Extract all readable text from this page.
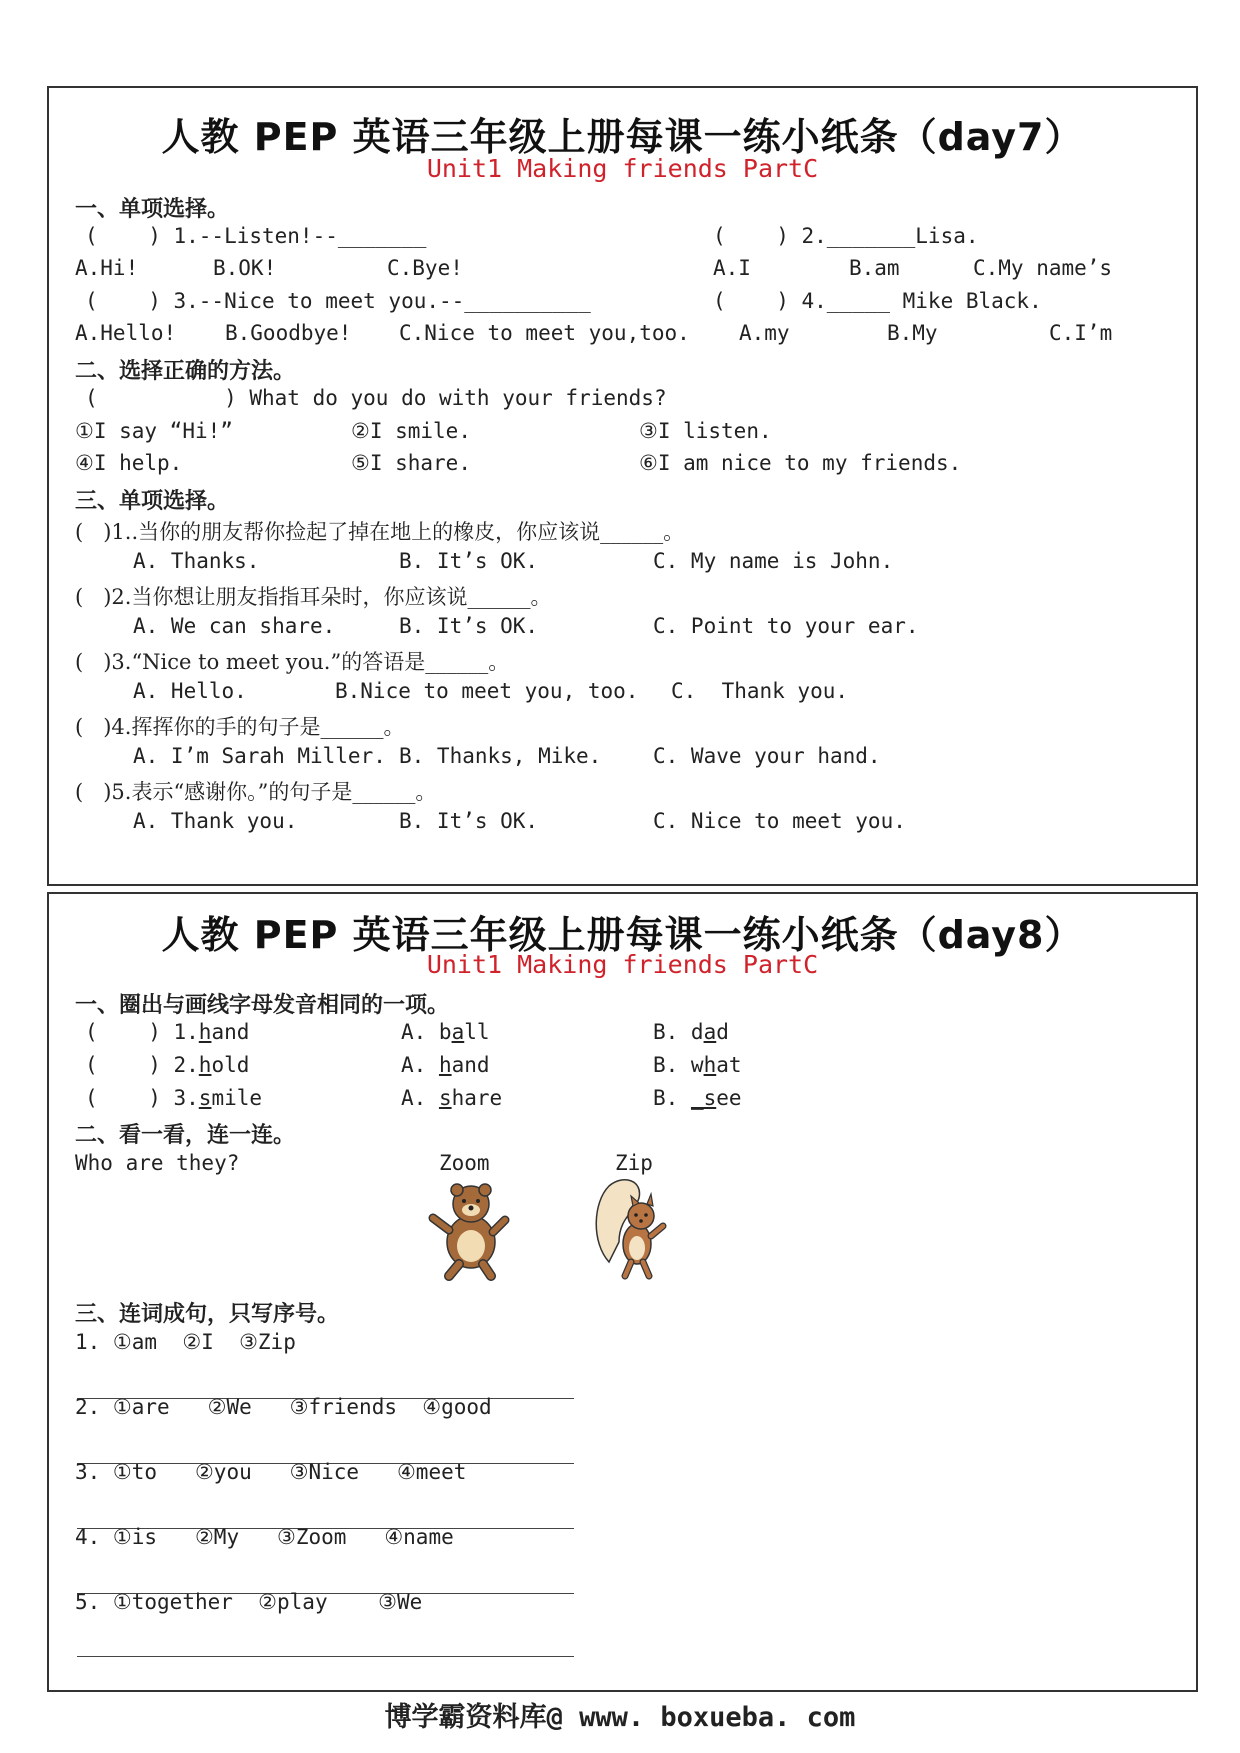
人教 PEP 英语三年级上册每课一练小纸条（day7）
Unit1 Making friends PartC
一、单项选择。
(    ) 1.--Listen!--_______	(    ) 2._______Lisa.
A.Hi!	B.OK!	C.Bye!	A.I	B.am	C.My name’s
(    ) 3.--Nice to meet you.--__________	(    ) 4._____ Mike Black.
A.Hello! B.Goodbye! C.Nice to meet you,too. A.my	B.My	C.I’m
二、选择正确的方法。
(          ) What do you do with your friends?
①I say “Hi!”	②I smile.	③I listen.
④I help.	⑤I share.	⑥I am nice to my friends.
三、单项选择。
(   )1..当你的朋友帮你捡起了掉在地上的橡皮，你应该说______。
A. Thanks.	B. It’s OK.	C. My name is John.
(   )2.当你想让朋友指指耳朵时，你应该说______。
A. We can share.	B. It’s OK.	C. Point to your ear.
(   )3.“Nice to meet you.”的答语是______。
A. Hello.	B.Nice to meet you, too. C.  Thank you.
(   )4.挥挥你的手的句子是______。
A. I’m Sarah Miller. B. Thanks, Mike. C. Wave your hand.
(   )5.表示“感谢你。”的句子是______。
A. Thank you.	B. It’s OK.	C. Nice to meet you.
人教 PEP 英语三年级上册每课一练小纸条（day8）
Unit1 Making friends PartC
一、圈出与画线字母发音相同的一项。
(    ) 1.hand	A. ball	B. dad
(    ) 2.hold	A. hand	B. what
(    ) 3.smile	A. share	B. _see
二、看一看，连一连。
Who are they?	Zoom	Zip
三、连词成句，只写序号。
1. ①am  ②I  ③Zip
2. ①are   ②We   ③friends  ④good
3. ①to   ②you   ③Nice   ④meet
4. ①is   ②My   ③Zoom   ④name
5. ①together  ②play    ③We
博学霸资料库@ www. boxueba. com
